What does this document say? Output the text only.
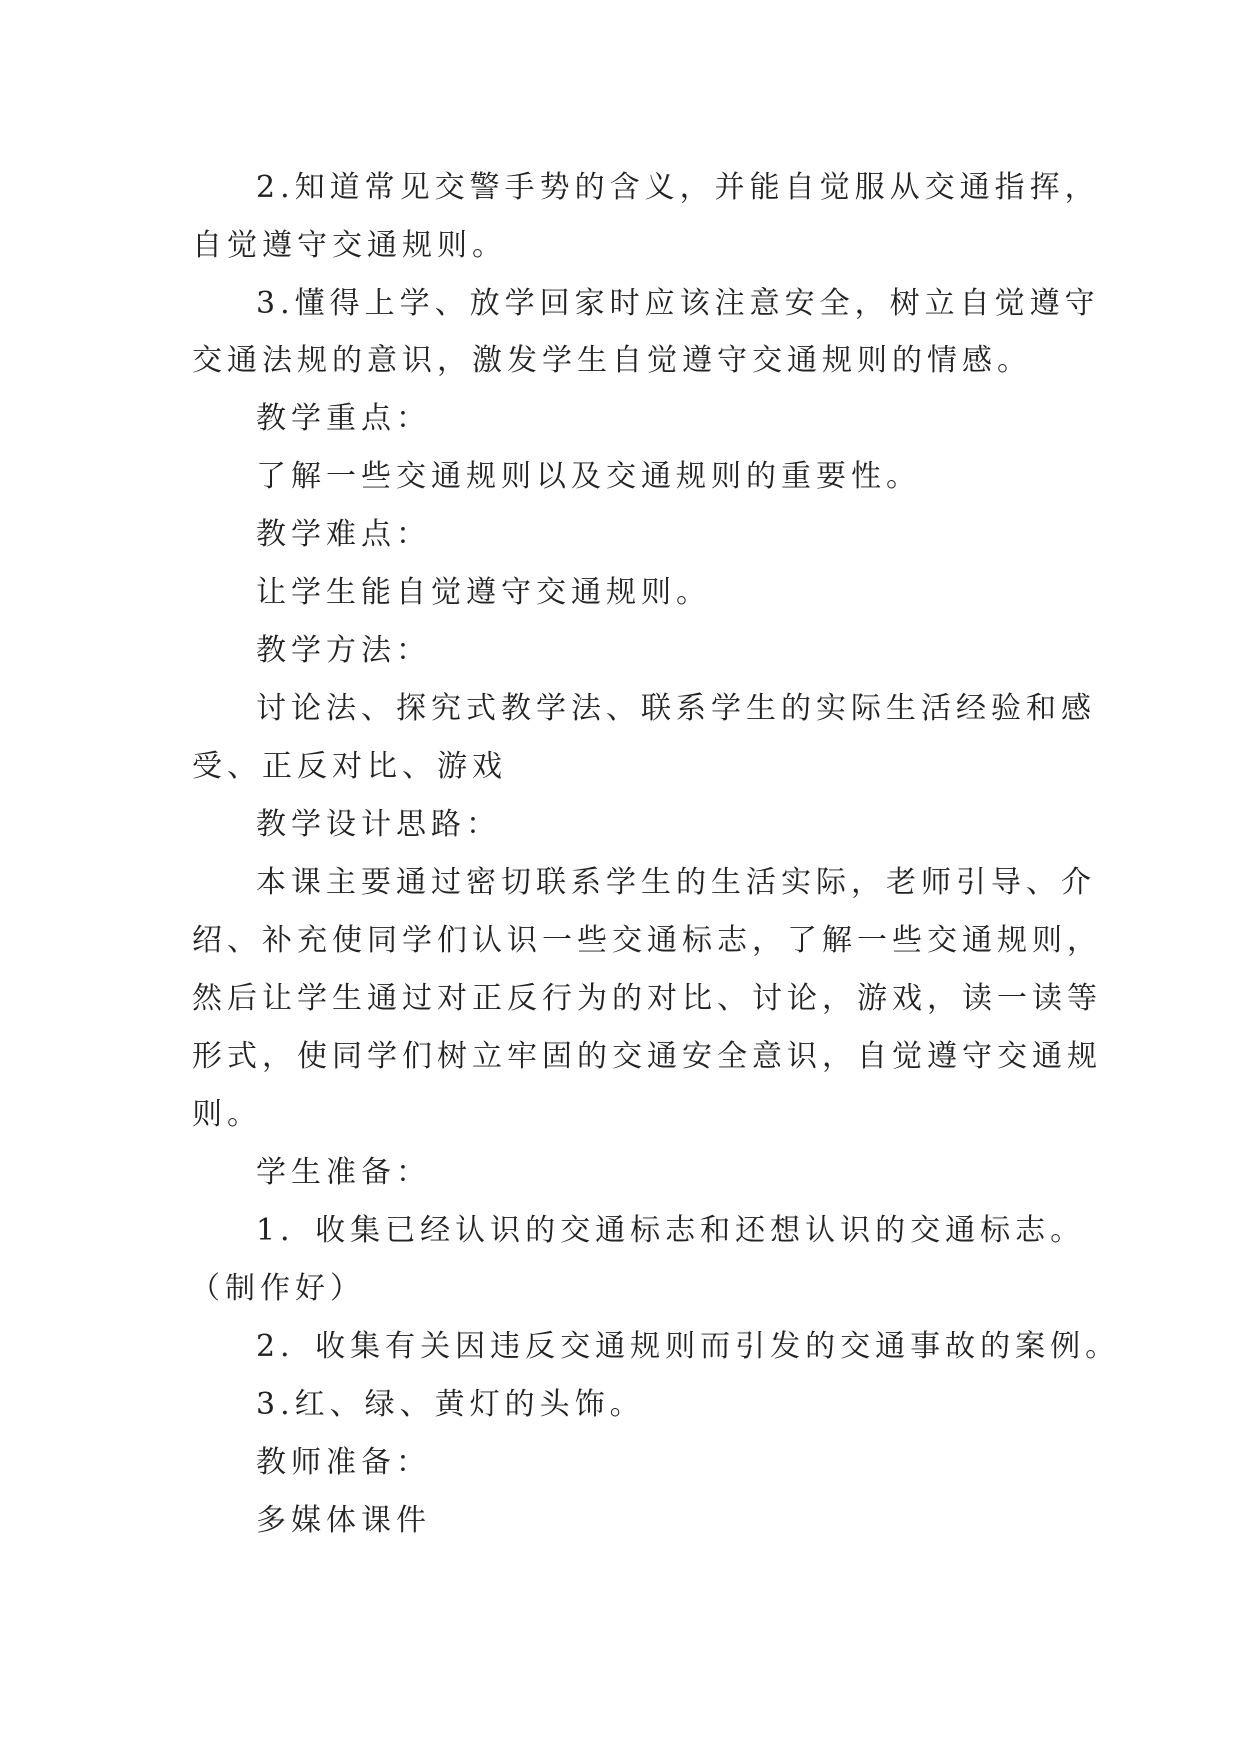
2.知道常见交警手势的含义，并能自觉服从交通指挥，

自觉遵守交通规则。

3.懂得上学、放学回家时应该注意安全，树立自觉遵守

交通法规的意识，激发学生自觉遵守交通规则的情感。

教学重点：

了解一些交通规则以及交通规则的重要性。

教学难点：

让学生能自觉遵守交通规则。

教学方法：

讨论法、探究式教学法、联系学生的实际生活经验和感

受、正反对比、游戏

教学设计思路：

本课主要通过密切联系学生的生活实际，老师引导、介

绍、补充使同学们认识一些交通标志，了解一些交通规则，

然后让学生通过对正反行为的对比、讨论，游戏，读一读等

形式，使同学们树立牢固的交通安全意识，自觉遵守交通规

则。

学生准备：

1．收集已经认识的交通标志和还想认识的交通标志。

（制作好）

2．收集有关因违反交通规则而引发的交通事故的案例。

3.红、绿、黄灯的头饰。

教师准备：

多媒体课件
